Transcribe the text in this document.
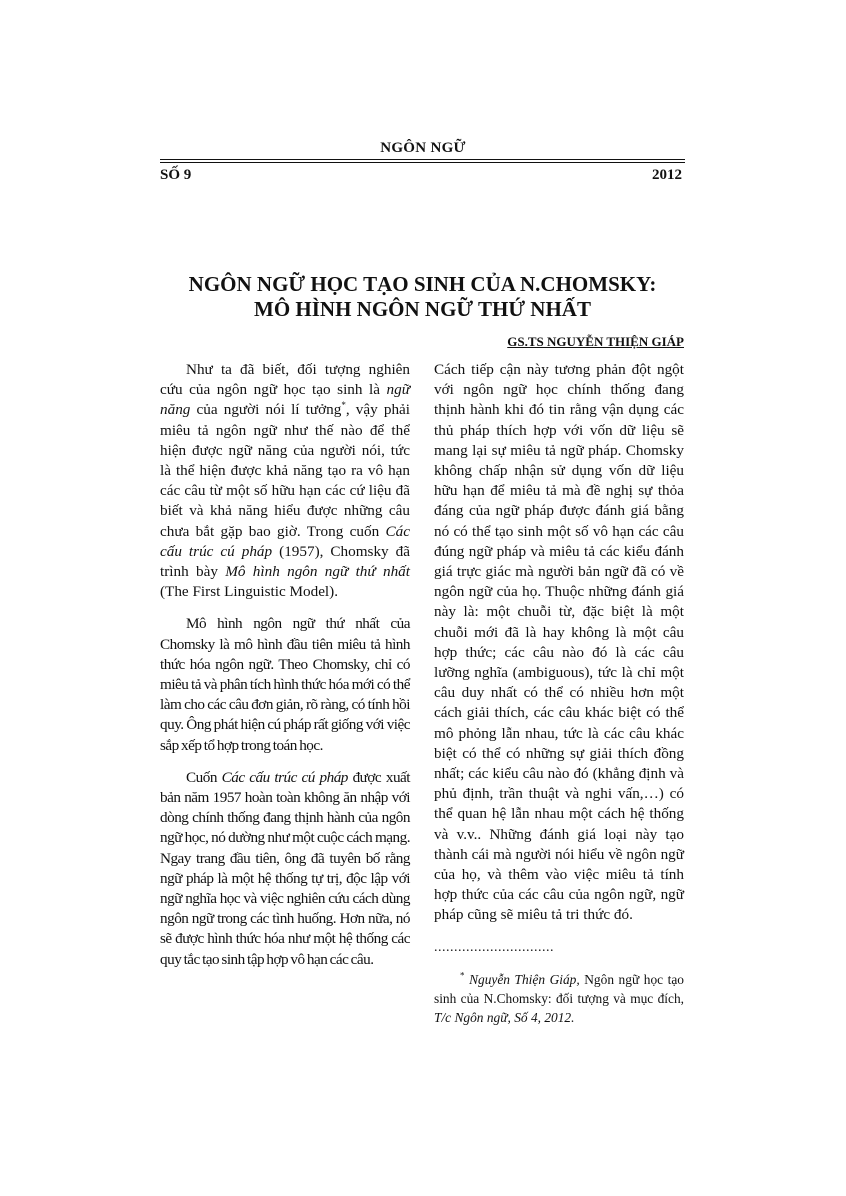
NGÔN NGỮ
SỐ 9	2012
NGÔN NGỮ HỌC TẠO SINH CỦA N.CHOMSKY:
MÔ HÌNH NGÔN NGỮ THỨ NHẤT
GS.TS NGUYỄN THIỆN GIÁP

Như ta đã biết, đối tượng nghiên cứu của ngôn ngữ học tạo sinh là ngữ năng của người nói lí tưởng*, vậy phải miêu tả ngôn ngữ như thế nào để thể hiện được ngữ năng của người nói, tức là thể hiện được khả năng tạo ra vô hạn các câu từ một số hữu hạn các cứ liệu đã biết và khả năng hiểu được những câu chưa bắt gặp bao giờ. Trong cuốn Các cấu trúc cú pháp (1957), Chomsky đã trình bày Mô hình ngôn ngữ thứ nhất (The First Linguistic Model).

Mô hình ngôn ngữ thứ nhất của Chomsky là mô hình đầu tiên miêu tả hình thức hóa ngôn ngữ. Theo Chomsky, chỉ có miêu tả và phân tích hình thức hóa mới có thể làm cho các câu đơn giản, rõ ràng, có tính hồi quy. Ông phát hiện cú pháp rất giống với việc sắp xếp tổ hợp trong toán học.

Cuốn Các cấu trúc cú pháp được xuất bản năm 1957 hoàn toàn không ăn nhập với dòng chính thống đang thịnh hành của ngôn ngữ học, nó dường như một cuộc cách mạng. Ngay trang đầu tiên, ông đã tuyên bố rằng ngữ pháp là một hệ thống tự trị, độc lập với ngữ nghĩa học và việc nghiên cứu cách dùng ngôn ngữ trong các tình huống. Hơn nữa, nó sẽ được hình thức hóa như một hệ thống các quy tắc tạo sinh tập hợp vô hạn các câu.

Cách tiếp cận này tương phản đột ngột với ngôn ngữ học chính thống đang thịnh hành khi đó tin rằng vận dụng các thủ pháp thích hợp với vốn dữ liệu sẽ mang lại sự miêu tả ngữ pháp. Chomsky không chấp nhận sử dụng vốn dữ liệu hữu hạn để miêu tả mà đề nghị sự thỏa đáng của ngữ pháp được đánh giá bằng nó có thể tạo sinh một số vô hạn các câu đúng ngữ pháp và miêu tả các kiểu đánh giá trực giác mà người bản ngữ đã có về ngôn ngữ của họ. Thuộc những đánh giá này là: một chuỗi từ, đặc biệt là một chuỗi mới đã là hay không là một câu hợp thức; các câu nào đó là các câu lưỡng nghĩa (ambiguous), tức là chỉ một câu duy nhất có thể có nhiều hơn một cách giải thích, các câu khác biệt có thể mô phỏng lẫn nhau, tức là các câu khác biệt có thể có những sự giải thích đồng nhất; các kiểu câu nào đó (khẳng định và phủ định, trần thuật và nghi vấn,…) có thể quan hệ lẫn nhau một cách hệ thống và v.v.. Những đánh giá loại này tạo thành cái mà người nói hiểu về ngôn ngữ của họ, và thêm vào việc miêu tả tính hợp thức của các câu của ngôn ngữ, ngữ pháp cũng sẽ miêu tả tri thức đó.

..............................

* Nguyễn Thiện Giáp, Ngôn ngữ học tạo sinh của N.Chomsky: đối tượng và mục đích, T/c Ngôn ngữ, Số 4, 2012.
